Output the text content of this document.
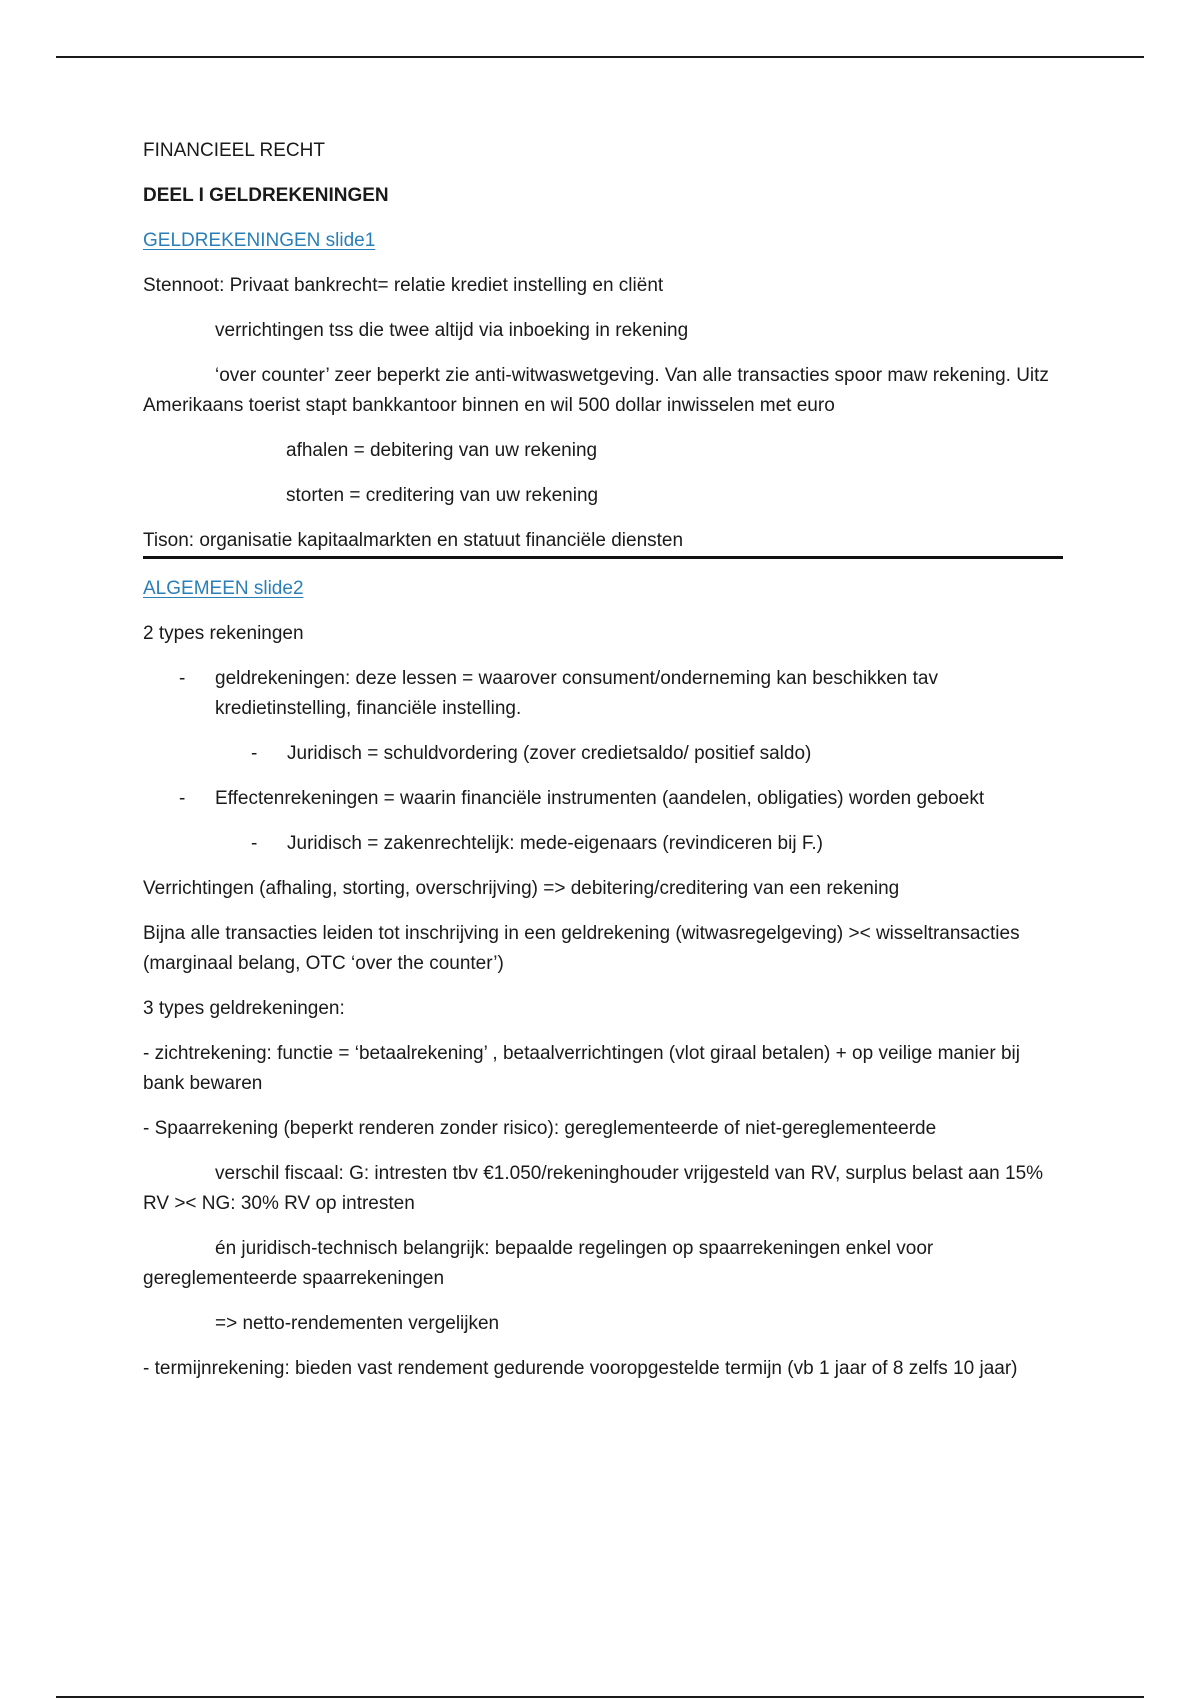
FINANCIEEL RECHT

DEEL I GELDREKENINGEN

GELDREKENINGEN slide1

Stennoot: Privaat bankrecht= relatie krediet instelling en cliënt

verrichtingen tss die twee altijd via inboeking in rekening

‘over counter’ zeer beperkt zie anti-witwaswetgeving. Van alle transacties spoor maw rekening. Uitz Amerikaans toerist stapt bankkantoor binnen en wil 500 dollar inwisselen met euro

afhalen = debitering van uw rekening

storten = creditering van uw rekening

Tison: organisatie kapitaalmarkten en statuut financiële diensten

ALGEMEEN slide2

2 types rekeningen

- geldrekeningen: deze lessen = waarover consument/onderneming kan beschikken tav kredietinstelling, financiële instelling.

- Juridisch = schuldvordering (zover credietsaldo/ positief saldo)

- Effectenrekeningen = waarin financiële instrumenten (aandelen, obligaties) worden geboekt

- Juridisch = zakenrechtelijk: mede-eigenaars (revindiceren bij F.)

Verrichtingen (afhaling, storting, overschrijving) => debitering/creditering van een rekening

Bijna alle transacties leiden tot inschrijving in een geldrekening (witwasregelgeving) >< wisseltransacties (marginaal belang, OTC ‘over the counter’)

3 types geldrekeningen:

- zichtrekening: functie = ‘betaalrekening’ , betaalverrichtingen (vlot giraal betalen) + op veilige manier bij bank bewaren

- Spaarrekening (beperkt renderen zonder risico): gereglementeerde of niet-gereglementeerde

verschil fiscaal: G: intresten tbv €1.050/rekeninghouder vrijgesteld van RV, surplus belast aan 15% RV >< NG: 30% RV op intresten

én juridisch-technisch belangrijk: bepaalde regelingen op spaarrekeningen enkel voor gereglementeerde spaarrekeningen

=> netto-rendementen vergelijken

- termijnrekening: bieden vast rendement gedurende vooropgestelde termijn (vb 1 jaar of 8 zelfs 10 jaar)
